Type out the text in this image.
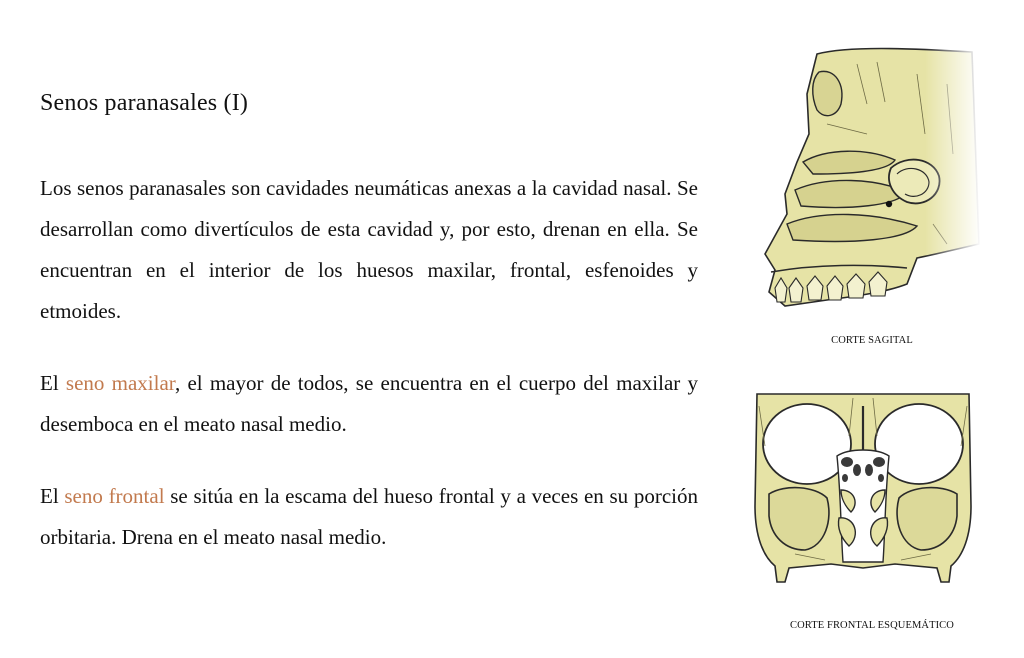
Senos paranasales (I)

Los senos paranasales son cavidades neumáticas anexas a la cavidad nasal. Se desarrollan como divertículos de esta cavidad y, por esto, drenan en ella. Se encuentran en el interior de los huesos maxilar, frontal, esfenoides y etmoides.

El seno maxilar, el mayor de todos, se encuentra en el cuerpo del maxilar y desemboca en el meato nasal medio.

El seno frontal se sitúa en la escama del hueso frontal y a veces en su porción orbitaria. Drena en el meato nasal medio.

CORTE SAGITAL
CORTE FRONTAL ESQUEMÁTICO
